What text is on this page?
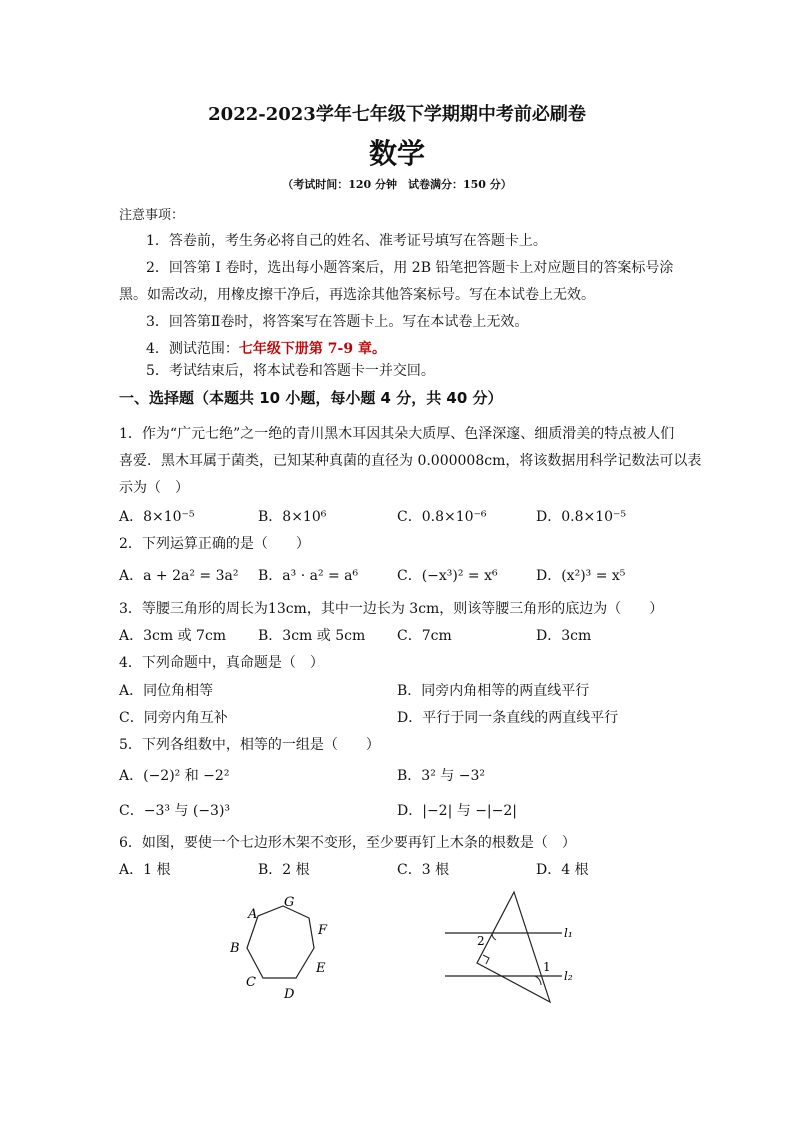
2022-2023学年七年级下学期期中考前必刷卷
数学
（考试时间：120 分钟　试卷满分：150 分）
注意事项：
1．答卷前，考生务必将自己的姓名、准考证号填写在答题卡上。
2．回答第 I 卷时，选出每小题答案后，用 2B 铅笔把答题卡上对应题目的答案标号涂
黑。如需改动，用橡皮擦干净后，再选涂其他答案标号。写在本试卷上无效。
3．回答第Ⅱ卷时，将答案写在答题卡上。写在本试卷上无效。
4．测试范围：七年级下册第 7-9 章。
5．考试结束后，将本试卷和答题卡一并交回。
一、选择题（本题共 10 小题，每小题 4 分，共 40 分）
1．作为“广元七绝”之一绝的青川黑木耳因其朵大质厚、色泽深邃、细质滑美的特点被人们
喜爱．黑木耳属于菌类，已知某种真菌的直径为 0.000008cm，将该数据用科学记数法可以表
示为（　）
A．8×10⁻⁵	B．8×10⁶	C．0.8×10⁻⁶	D．0.8×10⁻⁵
2．下列运算正确的是（　　）
A．a + 2a² = 3a² B．a³ · a² = a⁶	C．(−x³)² = x⁶	D．(x²)³ = x⁵
3．等腰三角形的周长为13cm，其中一边长为 3cm，则该等腰三角形的底边为（　　）
A．3cm 或 7cm B．3cm 或 5cm C．7cm	D．3cm
4．下列命题中，真命题是（　）
A．同位角相等	B．同旁内角相等的两直线平行
C．同旁内角互补	D．平行于同一条直线的两直线平行
5．下列各组数中，相等的一组是（　　）
A．(−2)² 和 −2²	B．3² 与 −3²
C．−3³ 与 (−3)³	D．|−2| 与 −|−2|
6．如图，要使一个七边形木架不变形，至少要再钉上木条的根数是（　）
A．1 根	B．2 根	C．3 根	D．4 根
A
B
C
D
E
F
G
2
1
l₁
l₂
